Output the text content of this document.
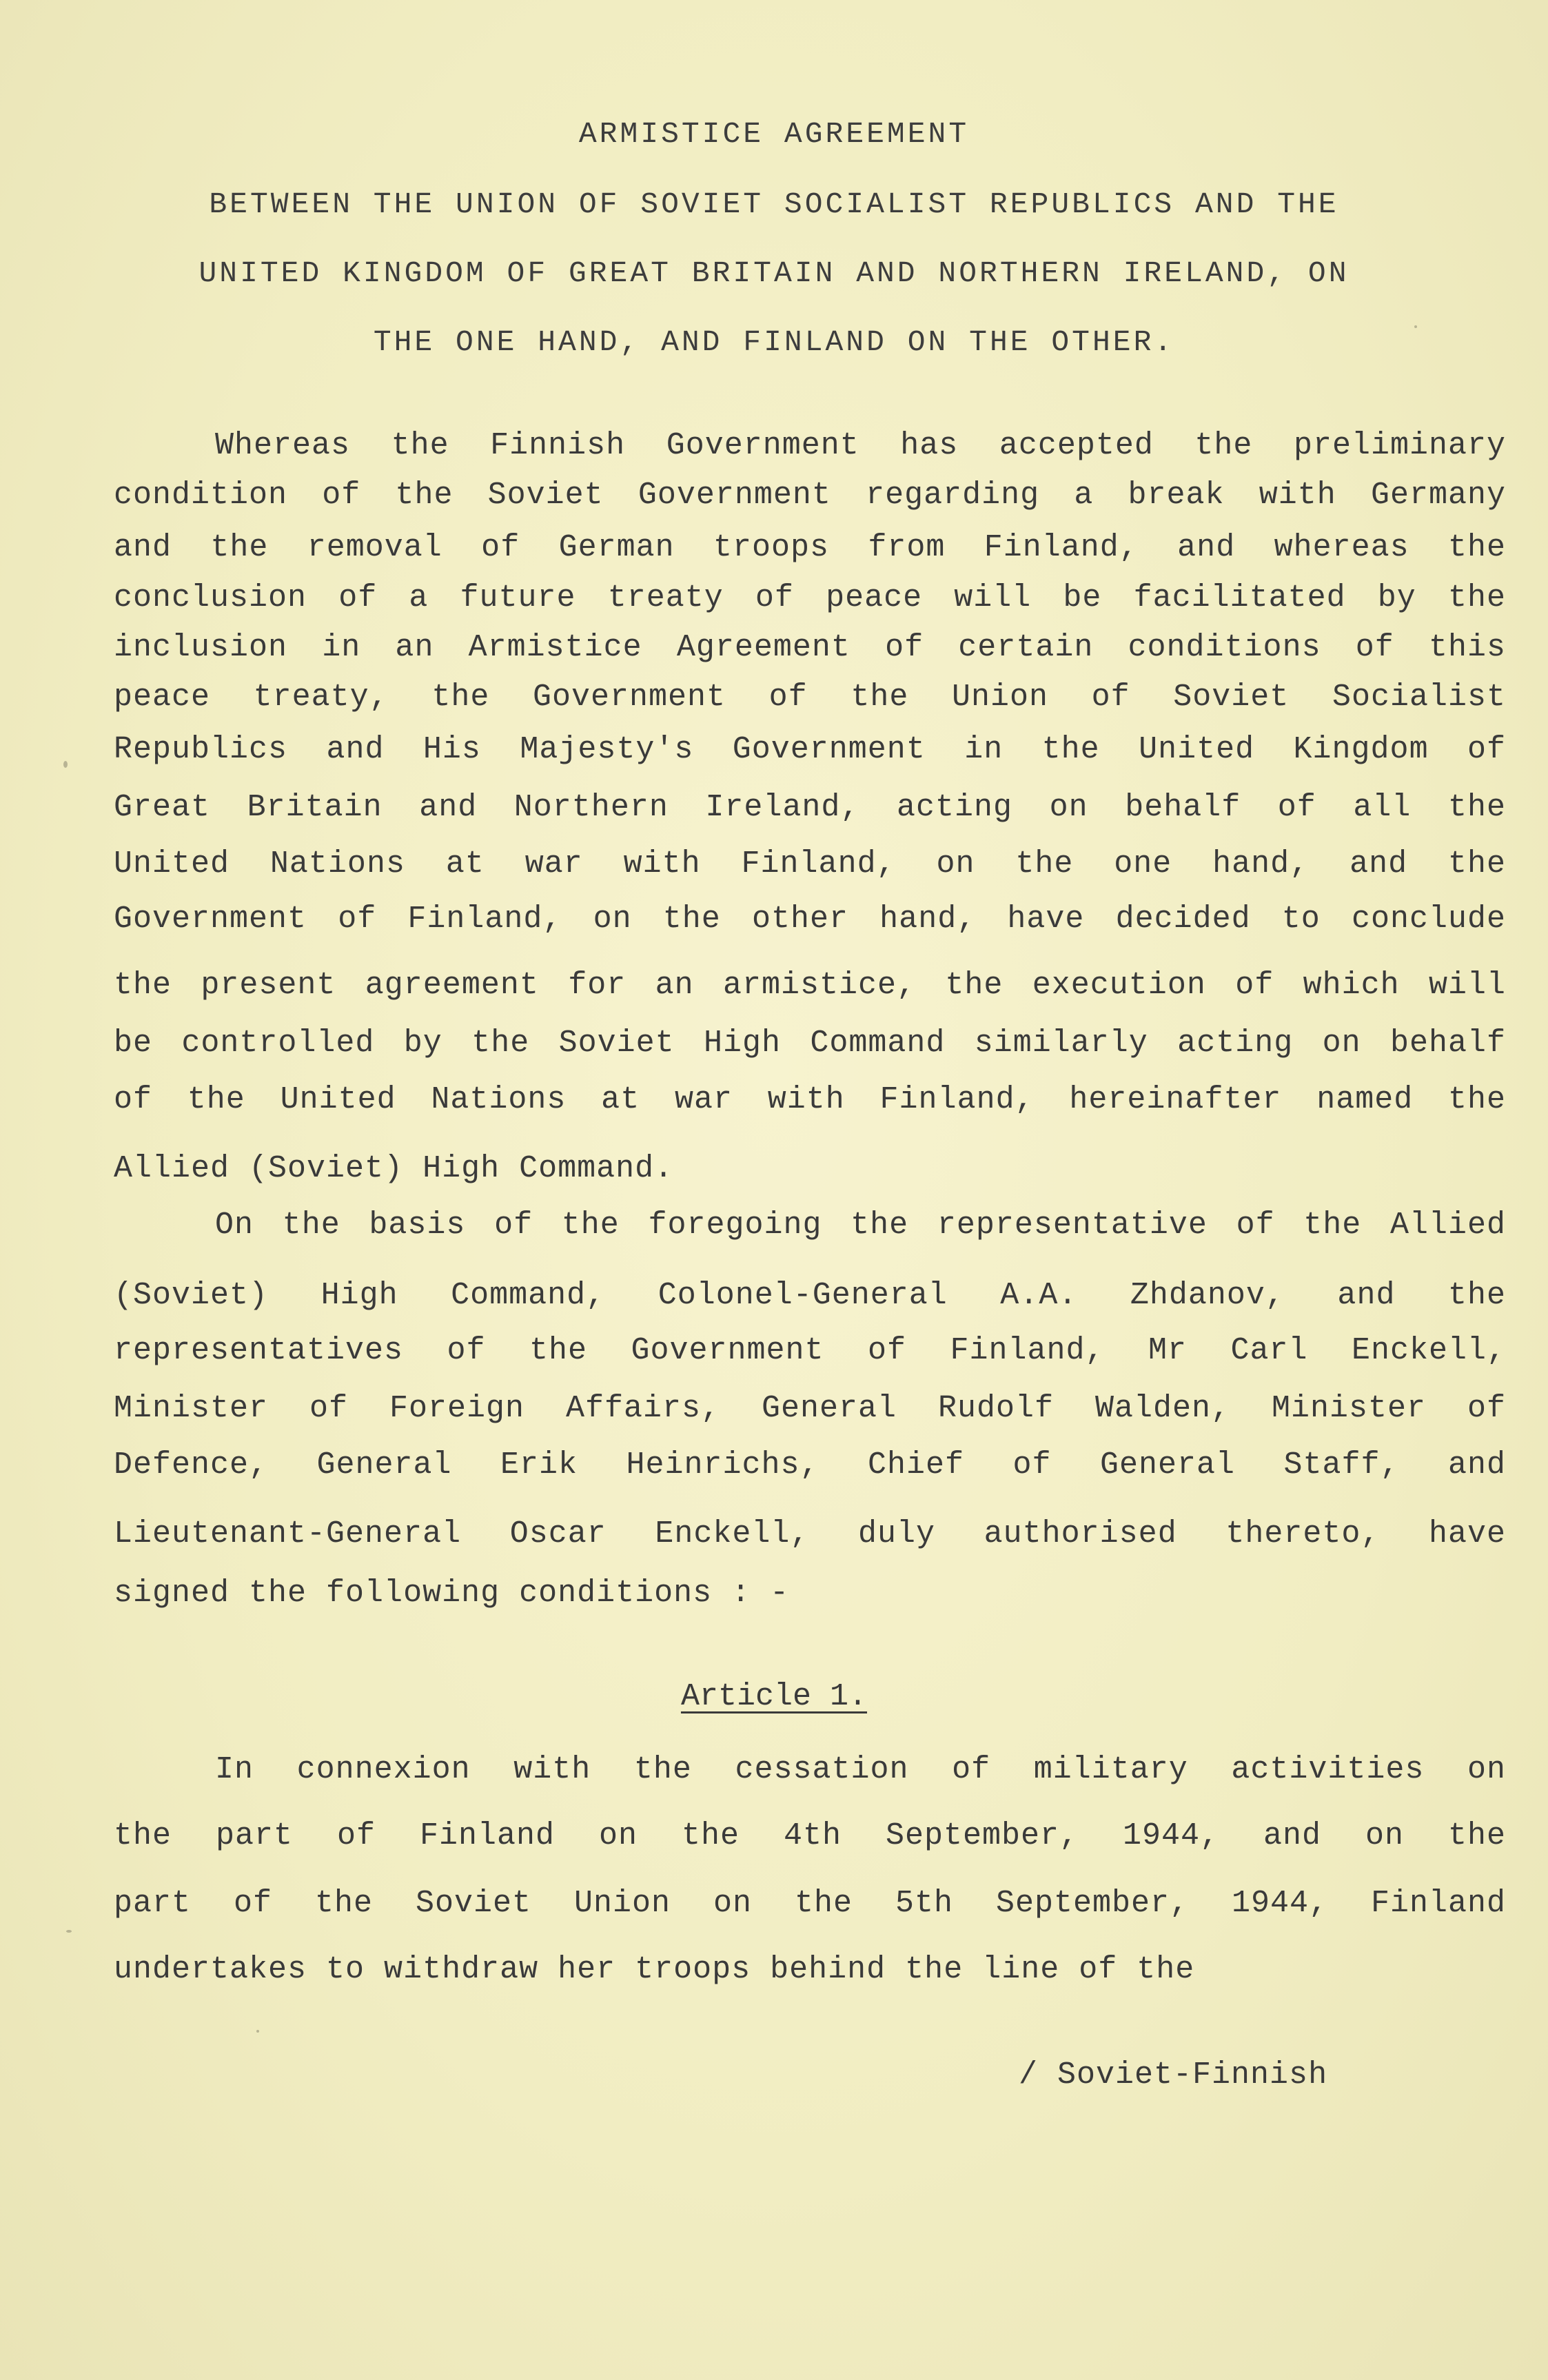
ARMISTICE AGREEMENT
BETWEEN THE UNION OF SOVIET SOCIALIST REPUBLICS AND THE
UNITED KINGDOM OF GREAT BRITAIN AND NORTHERN IRELAND, ON
THE ONE HAND, AND FINLAND ON THE OTHER.
Whereas the Finnish Government has accepted the preliminary
condition of the Soviet Government regarding a break with Germany
and the removal of German troops from Finland, and whereas the
conclusion of a future treaty of peace will be facilitated by the
inclusion in an Armistice Agreement of certain conditions of this
peace treaty, the Government of the Union of Soviet Socialist
Republics and His Majesty's Government in the United Kingdom of
Great Britain and Northern Ireland, acting on behalf of all the
United Nations at war with Finland, on the one hand, and the
Government of Finland, on the other hand, have decided to conclude
the present agreement for an armistice, the execution of which will
be controlled by the Soviet High Command similarly acting on behalf
of the United Nations at war with Finland, hereinafter named the
Allied (Soviet) High Command.
On the basis of the foregoing the representative of the Allied
(Soviet) High Command, Colonel-General A.A. Zhdanov, and the
representatives of the Government of Finland, Mr Carl Enckell,
Minister of Foreign Affairs, General Rudolf Walden, Minister of
Defence, General Erik Heinrichs, Chief of General Staff, and
Lieutenant-General Oscar Enckell, duly authorised thereto, have
signed the following conditions : -
Article 1.
In connexion with the cessation of military activities on
the part of Finland on the 4th September, 1944, and on the
part of the Soviet Union on the 5th September, 1944, Finland
undertakes to withdraw her troops behind the line of the
/ Soviet-Finnish
